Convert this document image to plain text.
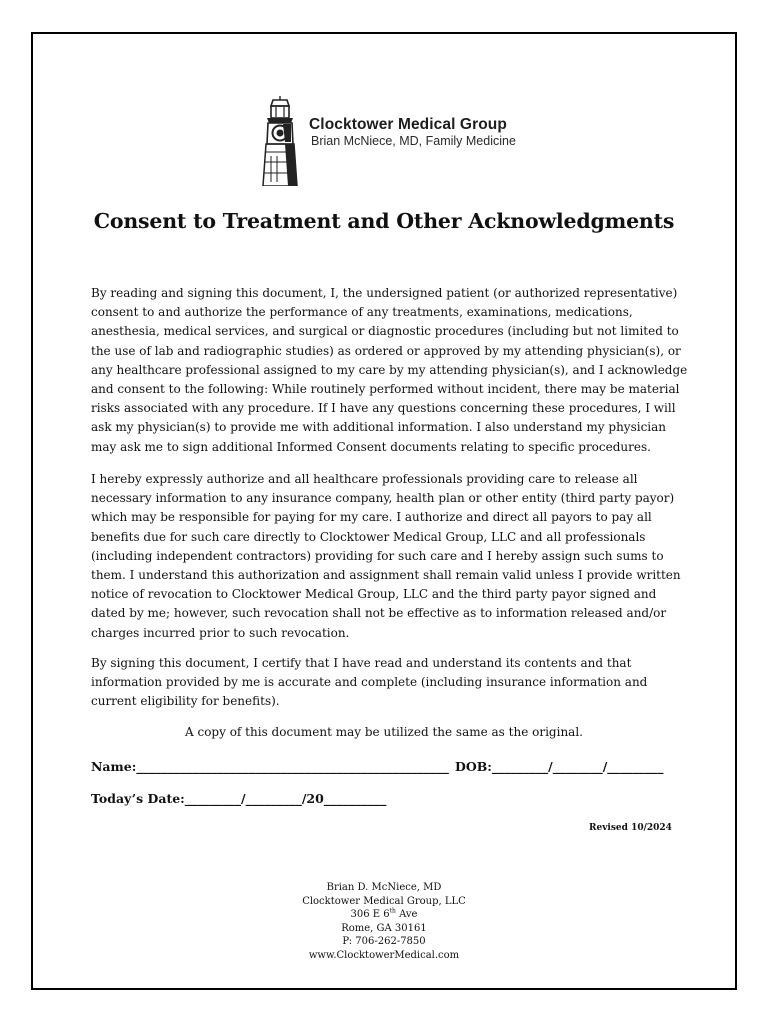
Clocktower Medical Group
Brian McNiece, MD, Family Medicine
Consent to Treatment and Other Acknowledgments

By reading and signing this document, I, the undersigned patient (or authorized representative) consent to and authorize the performance of any treatments, examinations, medications, anesthesia, medical services, and surgical or diagnostic procedures (including but not limited to the use of lab and radiographic studies) as ordered or approved by my attending physician(s), or any healthcare professional assigned to my care by my attending physician(s), and I acknowledge and consent to the following: While routinely performed without incident, there may be material risks associated with any procedure. If I have any questions concerning these procedures, I will ask my physician(s) to provide me with additional information. I also understand my physician may ask me to sign additional Informed Consent documents relating to specific procedures.

I hereby expressly authorize and all healthcare professionals providing care to release all necessary information to any insurance company, health plan or other entity (third party payor) which may be responsible for paying for my care. I authorize and direct all payors to pay all benefits due for such care directly to Clocktower Medical Group, LLC and all professionals (including independent contractors) providing for such care and I hereby assign such sums to them. I understand this authorization and assignment shall remain valid unless I provide written notice of revocation to Clocktower Medical Group, LLC and the third party payor signed and dated by me; however, such revocation shall not be effective as to information released and/or charges incurred prior to such revocation.

By signing this document, I certify that I have read and understand its contents and that information provided by me is accurate and complete (including insurance information and current eligibility for benefits).

A copy of this document may be utilized the same as the original.
Name:__________________________________________________ DOB:_________/________/_________
Today’s Date:_________/_________/20__________
Revised 10/2024
Brian D. McNiece, MD
Clocktower Medical Group, LLC
306 E 6th Ave
Rome, GA 30161
P: 706-262-7850
www.ClocktowerMedical.com
